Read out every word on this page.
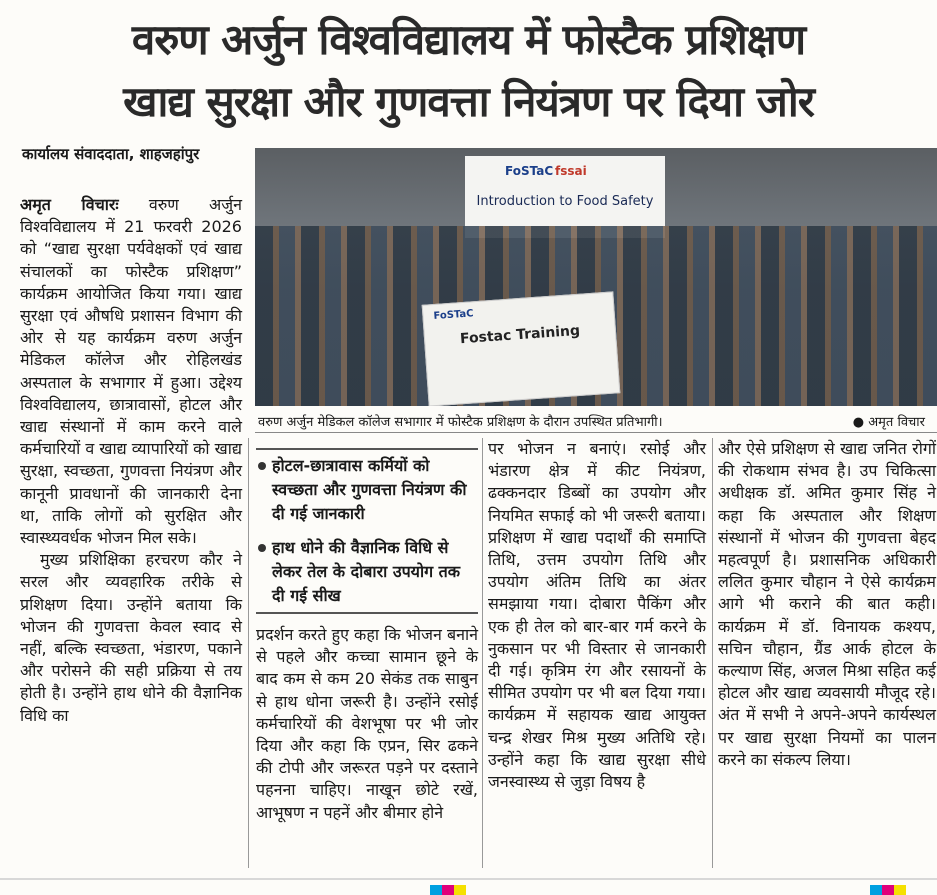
वरुण अर्जुन विश्वविद्यालय में फोस्टैक प्रशिक्षण
खाद्य सुरक्षा और गुणवत्ता नियंत्रण पर दिया जोर
कार्यालय संवाददाता, शाहजहांपुर
FoSTaC fssai
Introduction to Food Safety
FoSTaC
Fostac Training
वरुण अर्जुन मेडिकल कॉलेज सभागार में फोस्टैक प्रशिक्षण के दौरान उपस्थित प्रतिभागी।	● अमृत विचार

अमृत विचारः वरुण अर्जुन विश्वविद्यालय में 21 फरवरी 2026 को “खाद्य सुरक्षा पर्यवेक्षकों एवं खाद्य संचालकों का फोस्टैक प्रशिक्षण” कार्यक्रम आयोजित किया गया। खाद्य सुरक्षा एवं औषधि प्रशासन विभाग की ओर से यह कार्यक्रम वरुण अर्जुन मेडिकल कॉलेज और रोहिलखंड अस्पताल के सभागार में हुआ। उद्देश्य विश्वविद्यालय, छात्रावासों, होटल और खाद्य संस्थानों में काम करने वाले कर्मचारियों व खाद्य व्यापारियों को खाद्य सुरक्षा, स्वच्छता, गुणवत्ता नियंत्रण और कानूनी प्रावधानों की जानकारी देना था, ताकि लोगों को सुरक्षित और स्वास्थ्यवर्धक भोजन मिल सके।

मुख्य प्रशिक्षिका हरचरण कौर ने सरल और व्यवहारिक तरीके से प्रशिक्षण दिया। उन्होंने बताया कि भोजन की गुणवत्ता केवल स्वाद से नहीं, बल्कि स्वच्छता, भंडारण, पकाने और परोसने की सही प्रक्रिया से तय होती है। उन्होंने हाथ धोने की वैज्ञानिक विधि का

होटल-छात्रावास कर्मियों को स्वच्छता और गुणवत्ता नियंत्रण की दी गई जानकारी
हाथ धोने की वैज्ञानिक विधि से लेकर तेल के दोबारा उपयोग तक दी गई सीख
प्रदर्शन करते हुए कहा कि भोजन बनाने से पहले और कच्चा सामान छूने के बाद कम से कम 20 सेकंड तक साबुन से हाथ धोना जरूरी है। उन्होंने रसोई कर्मचारियों की वेशभूषा पर भी जोर दिया और कहा कि एप्रन, सिर ढकने की टोपी और जरूरत पड़ने पर दस्ताने पहनना चाहिए। नाखून छोटे रखें, आभूषण न पहनें और बीमार होने
पर भोजन न बनाएं। रसोई और भंडारण क्षेत्र में कीट नियंत्रण, ढक्कनदार डिब्बों का उपयोग और नियमित सफाई को भी जरूरी बताया। प्रशिक्षण में खाद्य पदार्थों की समाप्ति तिथि, उत्तम उपयोग तिथि और उपयोग अंतिम तिथि का अंतर समझाया गया। दोबारा पैकिंग और एक ही तेल को बार-बार गर्म करने के नुकसान पर भी विस्तार से जानकारी दी गई। कृत्रिम रंग और रसायनों के सीमित उपयोग पर भी बल दिया गया। कार्यक्रम में सहायक खाद्य आयुक्त चन्द्र शेखर मिश्र मुख्य अतिथि रहे। उन्होंने कहा कि खाद्य सुरक्षा सीधे जनस्वास्थ्य से जुड़ा विषय है
और ऐसे प्रशिक्षण से खाद्य जनित रोगों की रोकथाम संभव है। उप चिकित्सा अधीक्षक डॉ. अमित कुमार सिंह ने कहा कि अस्पताल और शिक्षण संस्थानों में भोजन की गुणवत्ता बेहद महत्वपूर्ण है। प्रशासनिक अधिकारी ललित कुमार चौहान ने ऐसे कार्यक्रम आगे भी कराने की बात कही। कार्यक्रम में डॉ. विनायक कश्यप, सचिन चौहान, ग्रैंड आर्क होटल के कल्याण सिंह, अजल मिश्रा सहित कई होटल और खाद्य व्यवसायी मौजूद रहे। अंत में सभी ने अपने-अपने कार्यस्थल पर खाद्य सुरक्षा नियमों का पालन करने का संकल्प लिया।
